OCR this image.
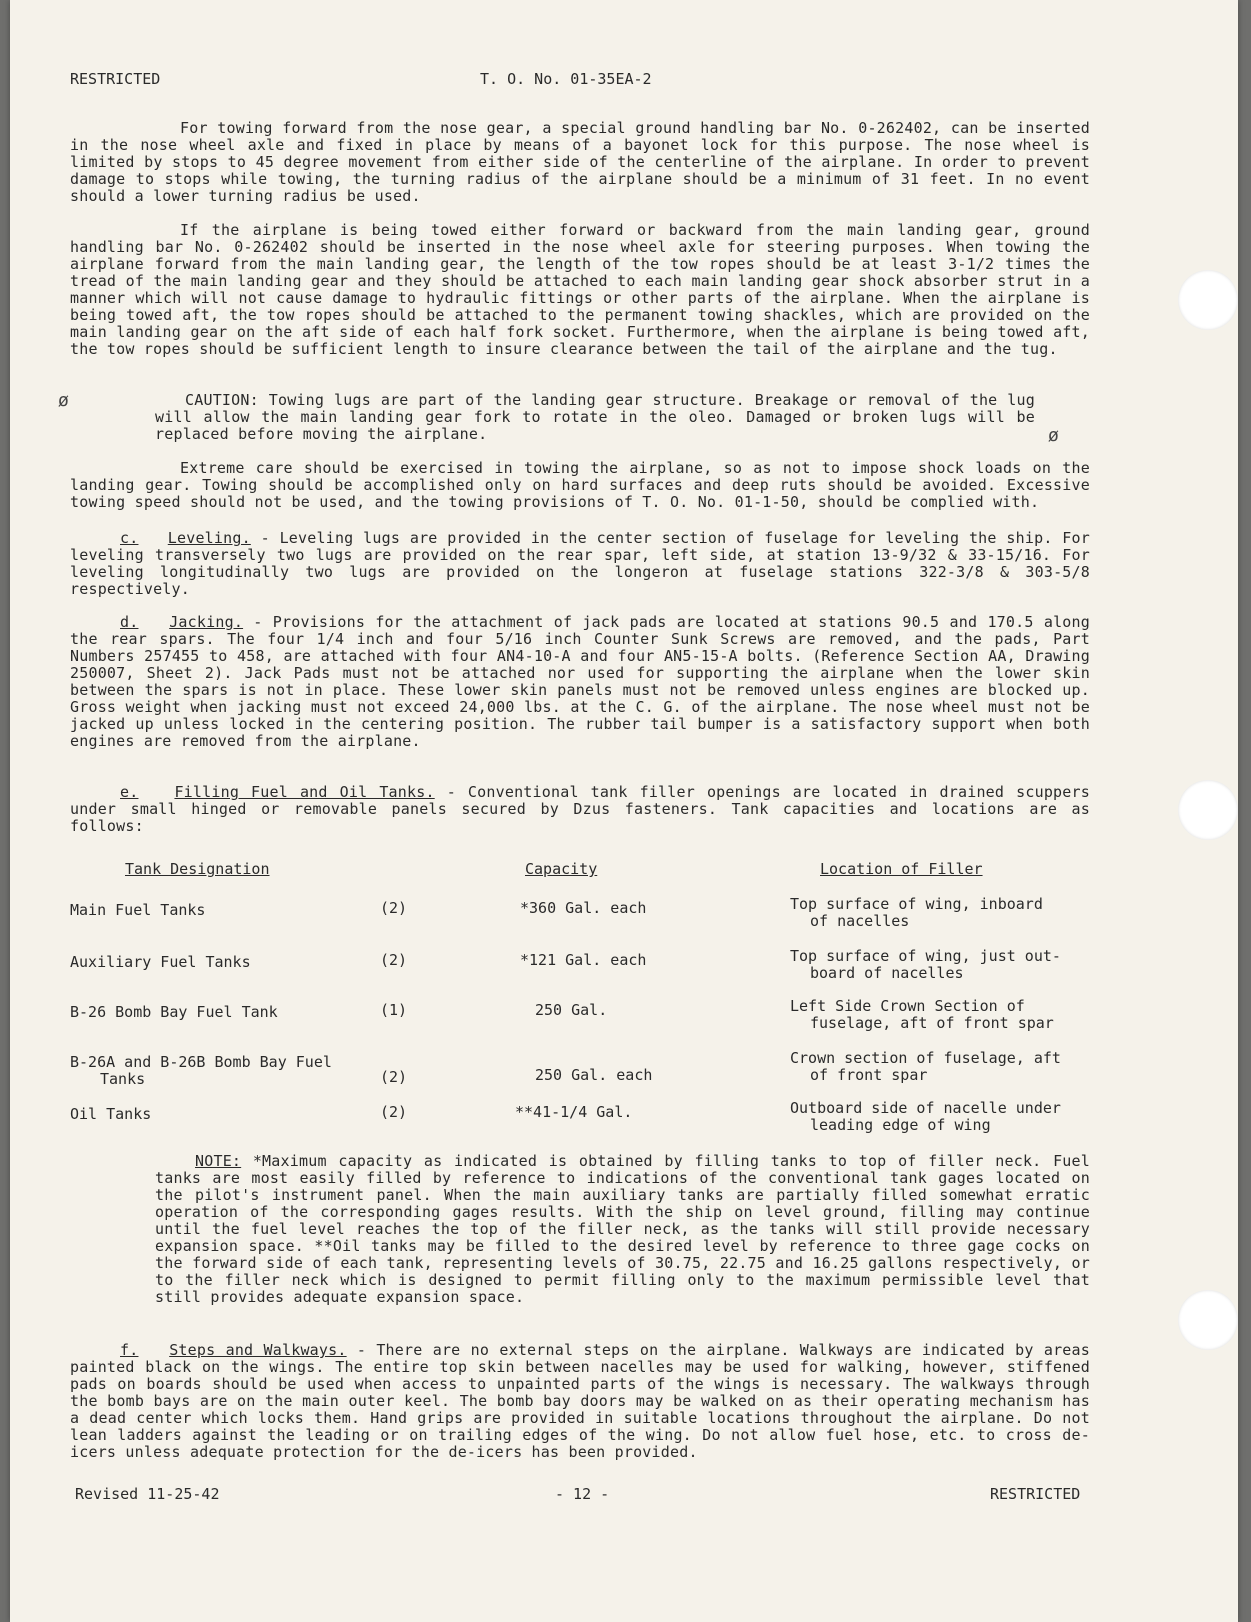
RESTRICTED	T. O. No. 01-35EA-2
For towing forward from the nose gear, a special ground handling bar No. 0-262402, can be inserted in the nose wheel axle and fixed in place by means of a bayonet lock for this purpose. The nose wheel is limited by stops to 45 degree movement from either side of the centerline of the airplane. In order to prevent damage to stops while towing, the turning radius of the airplane should be a minimum of 31 feet. In no event should a lower turning radius be used.
If the airplane is being towed either forward or backward from the main landing gear, ground handling bar No. 0-262402 should be inserted in the nose wheel axle for steering purposes. When towing the airplane forward from the main landing gear, the length of the tow ropes should be at least 3-1/2 times the tread of the main landing gear and they should be attached to each main landing gear shock absorber strut in a manner which will not cause damage to hydraulic fittings or other parts of the airplane. When the airplane is being towed aft, the tow ropes should be attached to the permanent towing shackles, which are provided on the main landing gear on the aft side of each half fork socket. Furthermore, when the airplane is being towed aft, the tow ropes should be sufficient length to insure clearance between the tail of the airplane and the tug.
ø	CAUTION: Towing lugs are part of the landing gear structure. Breakage or removal of the lug will allow the main landing gear fork to rotate in the oleo. Damaged or broken lugs will be replaced before moving the airplane.	ø
Extreme care should be exercised in towing the airplane, so as not to impose shock loads on the landing gear. Towing should be accomplished only on hard surfaces and deep ruts should be avoided. Excessive towing speed should not be used, and the towing provisions of T. O. No. 01-1-50, should be complied with.
c. Leveling. - Leveling lugs are provided in the center section of fuselage for leveling the ship. For leveling transversely two lugs are provided on the rear spar, left side, at station 13-9/32 & 33-15/16. For leveling longitudinally two lugs are provided on the longeron at fuselage stations 322-3/8 & 303-5/8 respectively.
d. Jacking. - Provisions for the attachment of jack pads are located at stations 90.5 and 170.5 along the rear spars. The four 1/4 inch and four 5/16 inch Counter Sunk Screws are removed, and the pads, Part Numbers 257455 to 458, are attached with four AN4-10-A and four AN5-15-A bolts. (Reference Section AA, Drawing 250007, Sheet 2). Jack Pads must not be attached nor used for supporting the airplane when the lower skin between the spars is not in place. These lower skin panels must not be removed unless engines are blocked up. Gross weight when jacking must not exceed 24,000 lbs. at the C. G. of the airplane. The nose wheel must not be jacked up unless locked in the centering position. The rubber tail bumper is a satisfactory support when both engines are removed from the airplane.
e. Filling Fuel and Oil Tanks. - Conventional tank filler openings are located in drained scuppers under small hinged or removable panels secured by Dzus fasteners. Tank capacities and locations are as follows:
Tank Designation	Capacity	Location of Filler
Main Fuel Tanks	(2)	*360 Gal. each	Top surface of wing, inboard
of nacelles
Auxiliary Fuel Tanks	(2)	*121 Gal. each	Top surface of wing, just out-
board of nacelles
B-26 Bomb Bay Fuel Tank	(1)	250 Gal.	Left Side Crown Section of
fuselage, aft of front spar
B-26A and B-26B Bomb Bay Fuel
Tanks	(2)	250 Gal. each
Crown section of fuselage, aft
of front spar
Oil Tanks	(2)	**41-1/4 Gal.	Outboard side of nacelle under
leading edge of wing
NOTE: *Maximum capacity as indicated is obtained by filling tanks to top of filler neck. Fuel tanks are most easily filled by reference to indications of the conventional tank gages located on the pilot's instrument panel. When the main auxiliary tanks are partially filled somewhat erratic operation of the corresponding gages results. With the ship on level ground, filling may continue until the fuel level reaches the top of the filler neck, as the tanks will still provide necessary expansion space. **Oil tanks may be filled to the desired level by reference to three gage cocks on the forward side of each tank, representing levels of 30.75, 22.75 and 16.25 gallons respectively, or to the filler neck which is designed to permit filling only to the maximum permissible level that still provides adequate expansion space.
f. Steps and Walkways. - There are no external steps on the airplane. Walkways are indicated by areas painted black on the wings. The entire top skin between nacelles may be used for walking, however, stiffened pads on boards should be used when access to unpainted parts of the wings is necessary. The walkways through the bomb bays are on the main outer keel. The bomb bay doors may be walked on as their operating mechanism has a dead center which locks them. Hand grips are provided in suitable locations throughout the airplane. Do not lean ladders against the leading or on trailing edges of the wing. Do not allow fuel hose, etc. to cross de-icers unless adequate protection for the de-icers has been provided.
Revised 11-25-42	- 12 -	RESTRICTED
